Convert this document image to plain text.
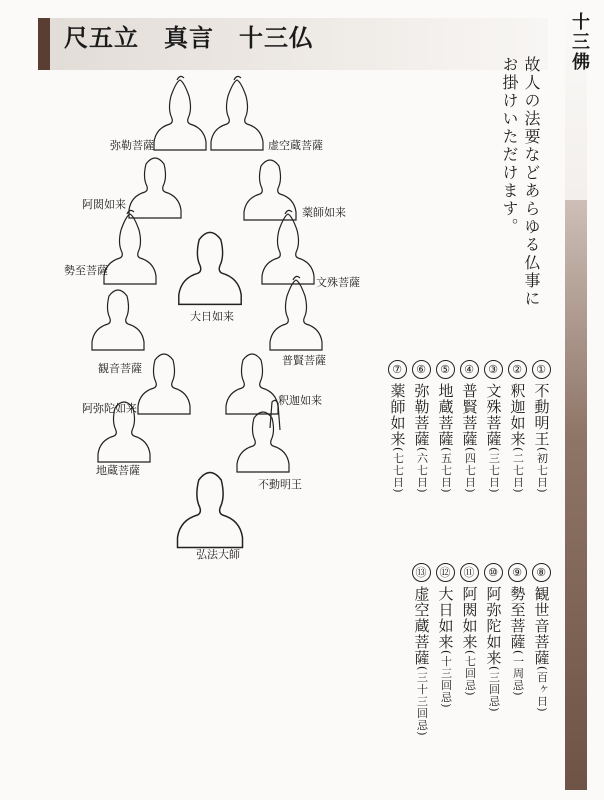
尺五立　真言　十三仏	十三佛
故人の法要などあらゆる仏事に
お掛けいただけます。
①不動明王(初七日)
②釈迦如来(二七日)
③文殊菩薩(三七日)
④普賢菩薩(四七日)
⑤地蔵菩薩(五七日)
⑥弥勒菩薩(六七日)
⑦薬師如来(七七日)
⑧観世音菩薩(百ヶ日)
⑨勢至菩薩(一周忌)
⑩阿弥陀如来(三回忌)
⑪阿閦如来(七回忌)
⑫大日如来(十三回忌)
⑬虚空蔵菩薩(三十三回忌)
弥勒菩薩	虚空蔵菩薩
阿閦如来
薬師如来
勢至菩薩
文殊菩薩
大日如来
観音菩薩
普賢菩薩
阿弥陀如来
釈迦如来
地蔵菩薩
不動明王
弘法大師
